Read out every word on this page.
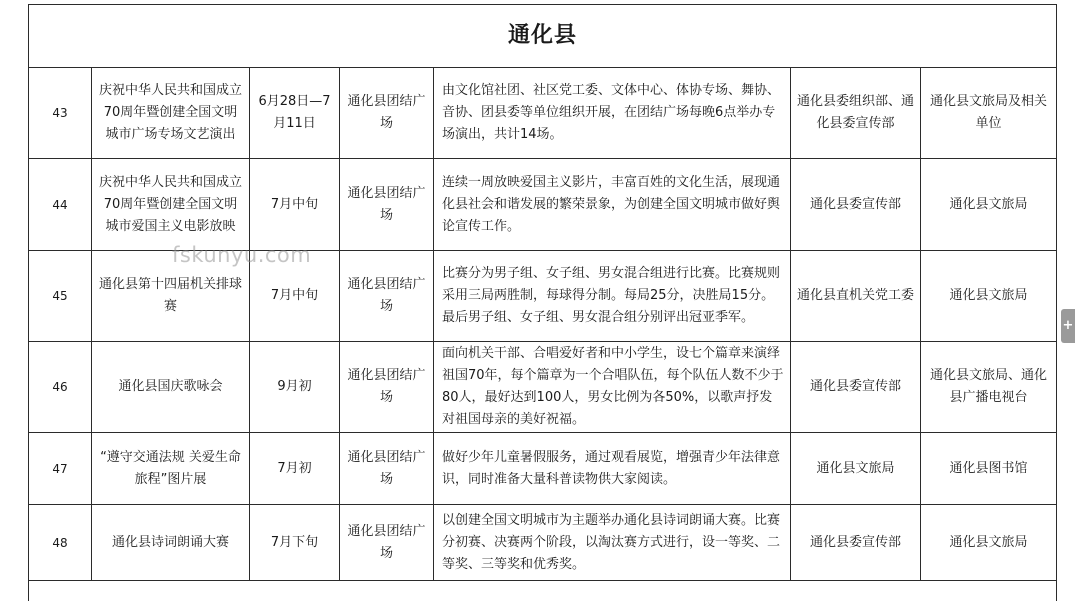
通化县						
43	庆祝中华人民共和国成立70周年暨创建全国文明城市广场专场文艺演出	6月28日—7月11日	通化县团结广场	由文化馆社团、社区党工委、文体中心、体协专场、舞协、音协、团县委等单位组织开展，在团结广场每晚6点举办专场演出，共计14场。	通化县委组织部、通化县委宣传部	通化县文旅局及相关单位
44	庆祝中华人民共和国成立70周年暨创建全国文明城市爱国主义电影放映	7月中旬	通化县团结广场	连续一周放映爱国主义影片，丰富百姓的文化生活，展现通化县社会和谐发展的繁荣景象，为创建全国文明城市做好舆论宣传工作。	通化县委宣传部	通化县文旅局
45	通化县第十四届机关排球赛	7月中旬	通化县团结广场	比赛分为男子组、女子组、男女混合组进行比赛。比赛规则采用三局两胜制，每球得分制。每局25分，决胜局15分。最后男子组、女子组、男女混合组分别评出冠亚季军。	通化县直机关党工委	通化县文旅局
46	通化县国庆歌咏会	9月初	通化县团结广场	面向机关干部、合唱爱好者和中小学生，设七个篇章来演绎祖国70年，每个篇章为一个合唱队伍，每个队伍人数不少于80人，最好达到100人，男女比例为各50%，以歌声抒发对祖国母亲的美好祝福。	通化县委宣传部	通化县文旅局、通化县广播电视台
47	“遵守交通法规 关爱生命旅程”图片展	7月初	通化县团结广场	做好少年儿童暑假服务，通过观看展览，增强青少年法律意识，同时准备大量科普读物供大家阅读。	通化县文旅局	通化县图书馆
48	通化县诗词朗诵大赛	7月下旬	通化县团结广场	以创建全国文明城市为主题举办通化县诗词朗诵大赛。比赛分初赛、决赛两个阶段，以淘汰赛方式进行，设一等奖、二等奖、三等奖和优秀奖。	通化县委宣传部	通化县文旅局

fskunyu.com
+
